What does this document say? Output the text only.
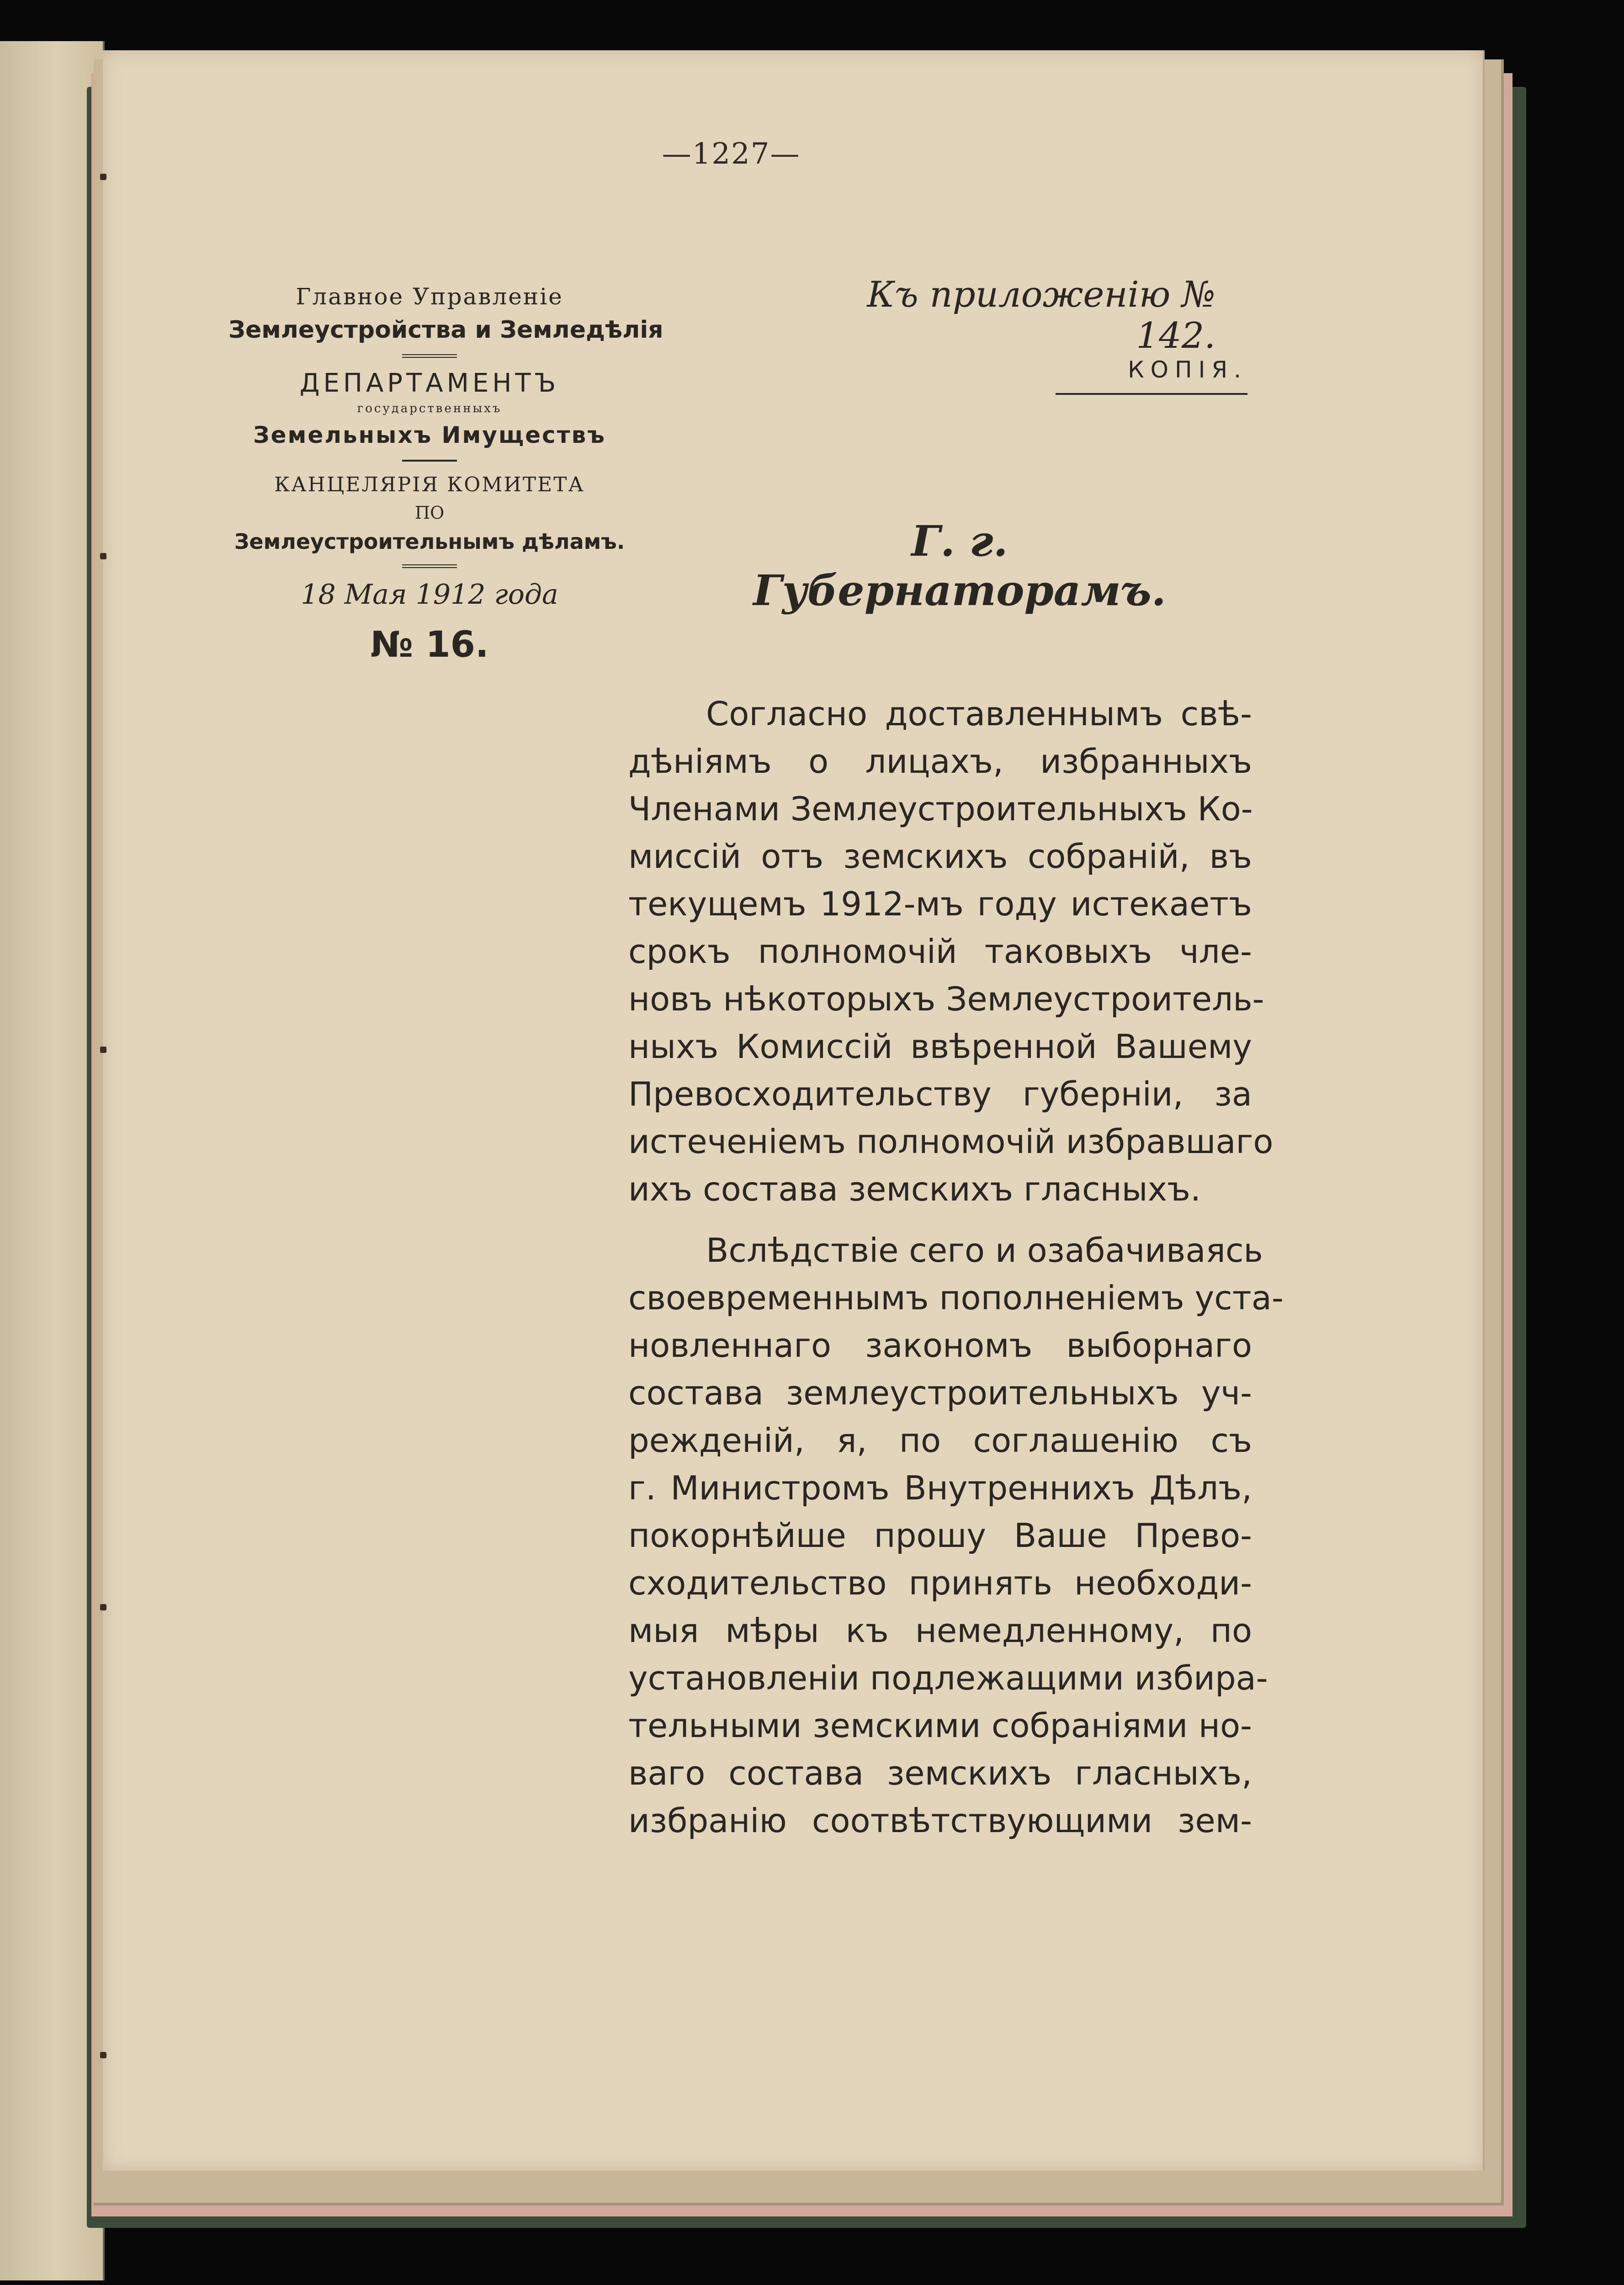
—1227—
Главное Управленіе
Землеустройства и Земледѣлія
ДЕПАРТАМЕНТЪ
государственныхъ
Земельныхъ Имуществъ
КАНЦЕЛЯРІЯ КОМИТЕТА
ПО
Землеустроительнымъ дѣламъ.
18 Мая 1912 года
№ 16.
Къ приложенію № 142.
КОПІЯ.
Г. г. Губернаторамъ.

Согласно доставленнымъ свѣ-
дѣніямъ о лицахъ, избранныхъ
Членами Землеустроительныхъ Ко-
миссій отъ земскихъ собраній, въ
текущемъ 1912-мъ году истекаетъ
срокъ полномочій таковыхъ чле-
новъ нѣкоторыхъ Землеустроитель-
ныхъ Комиссій ввѣренной Вашему
Превосходительству губерніи, за
истеченіемъ полномочій избравшаго
ихъ состава земскихъ гласныхъ.

Вслѣдствіе сего и озабачиваясь
своевременнымъ пополненіемъ уста-
новленнаго закономъ выборнаго
состава землеустроительныхъ уч-
режденій, я, по соглашенію съ
г. Министромъ Внутреннихъ Дѣлъ,
покорнѣйше прошу Ваше Прево-
сходительство принять необходи-
мыя мѣры къ немедленному, по
установленіи подлежащими избира-
тельными земскими собраніями но-
ваго состава земскихъ гласныхъ,
избранію соотвѣтствующими зем-
